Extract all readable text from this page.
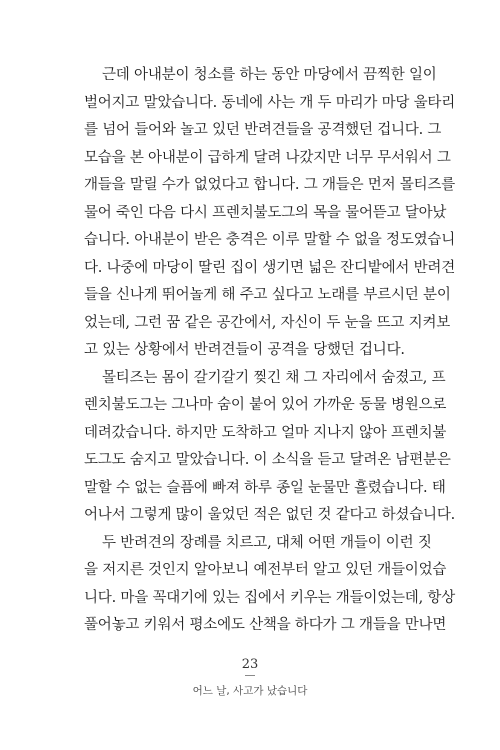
근데 아내분이 청소를 하는 동안 마당에서 끔찍한 일이
벌어지고 말았습니다. 동네에 사는 개 두 마리가 마당 울타리
를 넘어 들어와 놀고 있던 반려견들을 공격했던 겁니다. 그
모습을 본 아내분이 급하게 달려 나갔지만 너무 무서워서 그
개들을 말릴 수가 없었다고 합니다. 그 개들은 먼저 몰티즈를
물어 죽인 다음 다시 프렌치불도그의 목을 물어뜯고 달아났
습니다. 아내분이 받은 충격은 이루 말할 수 없을 정도였습니
다. 나중에 마당이 딸린 집이 생기면 넓은 잔디밭에서 반려견
들을 신나게 뛰어놀게 해 주고 싶다고 노래를 부르시던 분이
었는데, 그런 꿈 같은 공간에서, 자신이 두 눈을 뜨고 지켜보
고 있는 상황에서 반려견들이 공격을 당했던 겁니다.
몰티즈는 몸이 갈기갈기 찢긴 채 그 자리에서 숨졌고, 프
렌치불도그는 그나마 숨이 붙어 있어 가까운 동물 병원으로
데려갔습니다. 하지만 도착하고 얼마 지나지 않아 프렌치불
도그도 숨지고 말았습니다. 이 소식을 듣고 달려온 남편분은
말할 수 없는 슬픔에 빠져 하루 종일 눈물만 흘렸습니다. 태
어나서 그렇게 많이 울었던 적은 없던 것 같다고 하셨습니다.
두 반려견의 장례를 치르고, 대체 어떤 개들이 이런 짓
을 저지른 것인지 알아보니 예전부터 알고 있던 개들이었습
니다. 마을 꼭대기에 있는 집에서 키우는 개들이었는데, 항상
풀어놓고 키워서 평소에도 산책을 하다가 그 개들을 만나면
23
어느 날, 사고가 났습니다
